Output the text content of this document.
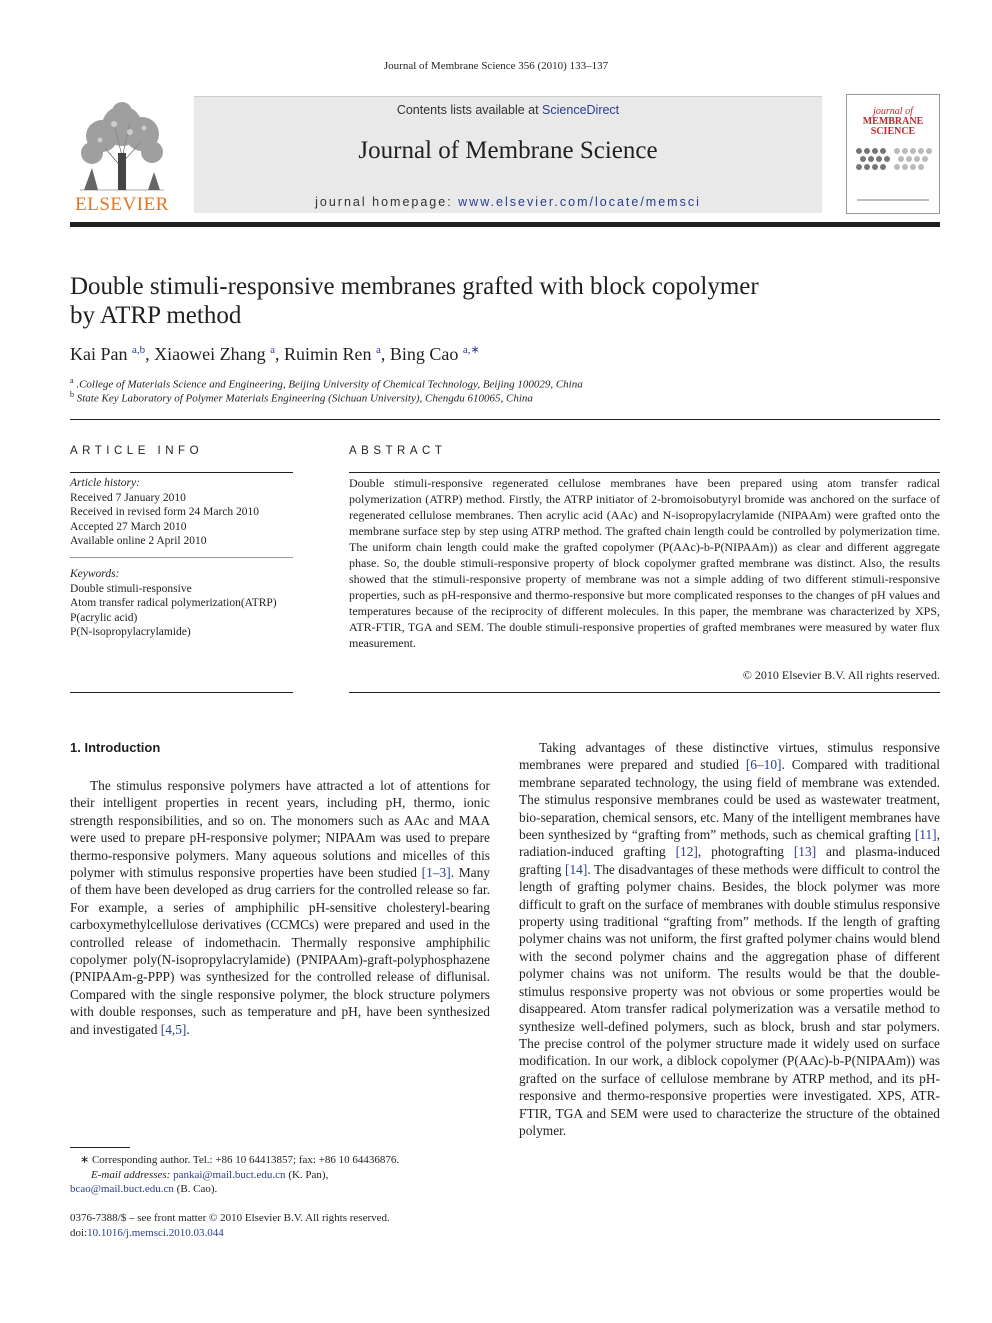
Journal of Membrane Science 356 (2010) 133–137
ELSEVIER
Contents lists available at ScienceDirect
Journal of Membrane Science
journal homepage: www.elsevier.com/locate/memsci
journal of
MEMBRANE
SCIENCE
Double stimuli-responsive membranes grafted with block copolymer
by ATRP method
Kai Pan $^{a,b}$, Xiaowei Zhang $^a$, Ruimin Ren $^a$, Bing Cao $^{a,∗}$
$^a$ .College of Materials Science and Engineering, Beijing University of Chemical Technology, Beijing 100029, China
$^b$ State Key Laboratory of Polymer Materials Engineering (Sichuan University), Chengdu 610065, China
ARTICLE INFO
Article history:
Received 7 January 2010
Received in revised form 24 March 2010
Accepted 27 March 2010
Available online 2 April 2010
Keywords:
Double stimuli-responsive
Atom transfer radical polymerization(ATRP)
P(acrylic acid)
P(N-isopropylacrylamide)
ABSTRACT
Double stimuli-responsive regenerated cellulose membranes have been prepared using atom transfer radical polymerization (ATRP) method. Firstly, the ATRP initiator of 2-bromoisobutyryl bromide was anchored on the surface of regenerated cellulose membranes. Then acrylic acid (AAc) and N-isopropylacrylamide (NIPAAm) were grafted onto the membrane surface step by step using ATRP method. The grafted chain length could be controlled by polymerization time. The uniform chain length could make the grafted copolymer (P(AAc)-b-P(NIPAAm)) as clear and different aggregate phase. So, the double stimuli-responsive property of block copolymer grafted membrane was distinct. Also, the results showed that the stimuli-responsive property of membrane was not a simple adding of two different stimuli-responsive properties, such as pH-responsive and thermo-responsive but more complicated responses to the changes of pH values and temperatures because of the reciprocity of different molecules. In this paper, the membrane was characterized by XPS, ATR-FTIR, TGA and SEM. The double stimuli-responsive properties of grafted membranes were measured by water flux measurement.
© 2010 Elsevier B.V. All rights reserved.
1. Introduction

The stimulus responsive polymers have attracted a lot of attentions for their intelligent properties in recent years, including pH, thermo, ionic strength responsibilities, and so on. The monomers such as AAc and MAA were used to prepare pH-responsive polymer; NIPAAm was used to prepare thermo-responsive polymers. Many aqueous solutions and micelles of this polymer with stimulus responsive properties have been studied [1–3]. Many of them have been developed as drug carriers for the controlled release so far. For example, a series of amphiphilic pH-sensitive cholesteryl-bearing carboxymethylcellulose derivatives (CCMCs) were prepared and used in the controlled release of indomethacin. Thermally responsive amphiphilic copolymer poly(N-isopropylacrylamide) (PNIPAAm)-graft-polyphosphazene (PNIPAAm-g-PPP) was synthesized for the controlled release of diflunisal. Compared with the single responsive polymer, the block structure polymers with double responses, such as temperature and pH, have been synthesized and investigated [4,5].

Taking advantages of these distinctive virtues, stimulus responsive membranes were prepared and studied [6–10]. Compared with traditional membrane separated technology, the using field of membrane was extended. The stimulus responsive membranes could be used as wastewater treatment, bio-separation, chemical sensors, etc. Many of the intelligent membranes have been synthesized by “grafting from” methods, such as chemical grafting [11], radiation-induced grafting [12], photografting [13] and plasma-induced grafting [14]. The disadvantages of these methods were difficult to control the length of grafting polymer chains. Besides, the block polymer was more difficult to graft on the surface of membranes with double stimulus responsive property using traditional “grafting from” methods. If the length of grafting polymer chains was not uniform, the first grafted polymer chains would blend with the second polymer chains and the aggregation phase of different polymer chains was not uniform. The results would be that the double-stimulus responsive property was not obvious or some properties would be disappeared. Atom transfer radical polymerization was a versatile method to synthesize well-defined polymers, such as block, brush and star polymers. The precise control of the polymer structure made it widely used on surface modification. In our work, a diblock copolymer (P(AAc)-b-P(NIPAAm)) was grafted on the surface of cellulose membrane by ATRP method, and its pH-responsive and thermo-responsive properties were investigated. XPS, ATR-FTIR, TGA and SEM were used to characterize the structure of the obtained polymer.

∗ Corresponding author. Tel.: +86 10 64413857; fax: +86 10 64436876.
E-mail addresses: pankai@mail.buct.edu.cn (K. Pan),
bcao@mail.buct.edu.cn (B. Cao).
0376-7388/$ – see front matter © 2010 Elsevier B.V. All rights reserved.
doi:10.1016/j.memsci.2010.03.044
